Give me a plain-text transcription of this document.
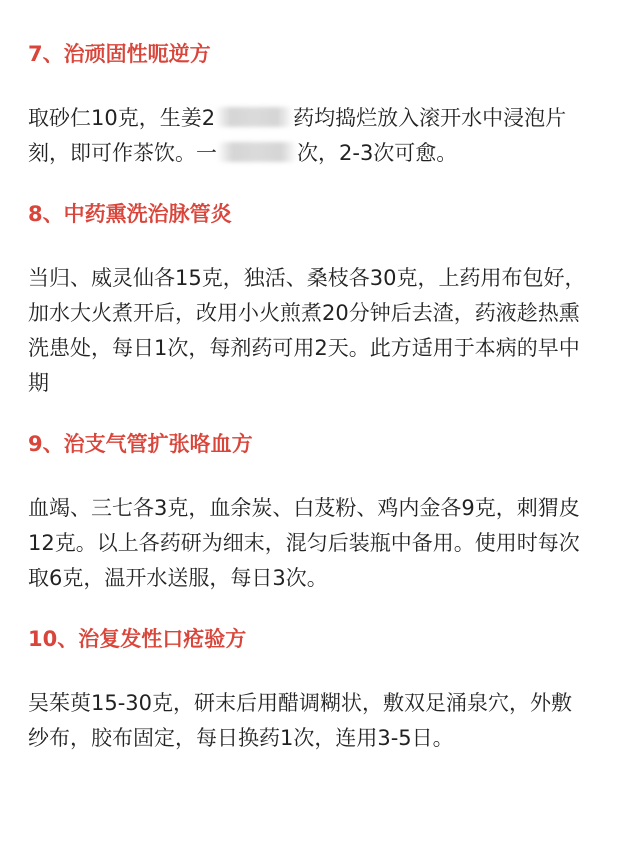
7、治顽固性呃逆方
取砂仁10克，生姜2	药均捣烂放入滚开水中浸泡片
刻，即可作茶饮。一	次，2-3次可愈。
8、中药熏洗治脉管炎
当归、威灵仙各15克，独活、桑枝各30克，上药用布包好，
加水大火煮开后，改用小火煎煮20分钟后去渣，药液趁热熏
洗患处，每日1次，每剂药可用2天。此方适用于本病的早中
期
9、治支气管扩张咯血方
血竭、三七各3克，血余炭、白芨粉、鸡内金各9克，刺猬皮
12克。以上各药研为细末，混匀后装瓶中备用。使用时每次
取6克，温开水送服，每日3次。
10、治复发性口疮验方
吴茱萸15-30克，研末后用醋调糊状，敷双足涌泉穴，外敷
纱布，胶布固定，每日换药1次，连用3-5日。
